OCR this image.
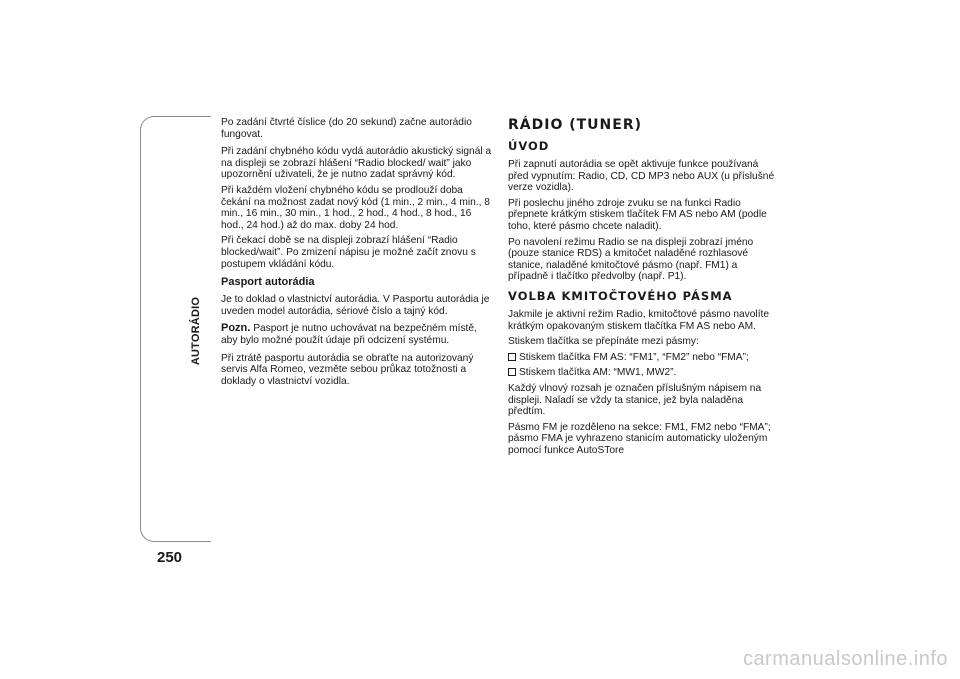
AUTORÁDIO
250

Po zadání čtvrté číslice (do 20 sekund) začne autorádio fungovat.

Při zadání chybného kódu vydá autorádio akustický signál a na displeji se zobrazí hlášení “Radio blocked/ wait” jako upozornění uživateli, že je nutno zadat správný kód.

Při každém vložení chybného kódu se prodlouží doba čekání na možnost zadat nový kód (1 min., 2 min., 4 min., 8 min., 16 min., 30 min., 1 hod., 2 hod., 4 hod., 8 hod., 16 hod., 24 hod.) až do max. doby 24 hod.

Při čekací době se na displeji zobrazí hlášení “Radio blocked/wait”. Po zmizení nápisu je možné začít znovu s postupem vkládání kódu.

Pasport autorádia

Je to doklad o vlastnictví autorádia. V Pasportu autorádia je uveden model autorádia, sériové číslo a tajný kód.

Pozn. Pasport je nutno uchovávat na bezpečném místě, aby bylo možné použít údaje při odcizení systému.

Při ztrátě pasportu autorádia se obraťte na autorizovaný servis Alfa Romeo, vezměte sebou průkaz totožnosti a doklady o vlastnictví vozidla.

RÁDIO (TUNER)
ÚVOD

Při zapnutí autorádia se opět aktivuje funkce používaná před vypnutím: Radio, CD, CD MP3 nebo AUX (u příslušné verze vozidla).

Při poslechu jiného zdroje zvuku se na funkci Radio přepnete krátkým stiskem tlačítek FM AS nebo AM (podle toho, které pásmo chcete naladit).

Po navolení režimu Radio se na displeji zobrazí jméno (pouze stanice RDS) a kmitočet naladěné rozhlasové stanice, naladěné kmitočtové pásmo (např. FM1) a případně i tlačítko předvolby (např. P1).

VOLBA KMITOČTOVÉHO PÁSMA

Jakmile je aktivní režim Radio, kmitočtové pásmo navolíte krátkým opakovaným stiskem tlačítka FM AS nebo AM.

Stiskem tlačítka se přepínáte mezi pásmy:

Stiskem tlačítka FM AS: “FM1”, “FM2” nebo “FMA”;

Stiskem tlačítka AM: “MW1, MW2”.

Každý vlnový rozsah je označen příslušným nápisem na displeji. Naladí se vždy ta stanice, jež byla naladěna předtím.

Pásmo FM je rozděleno na sekce: FM1, FM2 nebo “FMA”; pásmo FMA je vyhrazeno stanicím automaticky uloženým pomocí funkce AutoSTore

carmanualsonline.info
